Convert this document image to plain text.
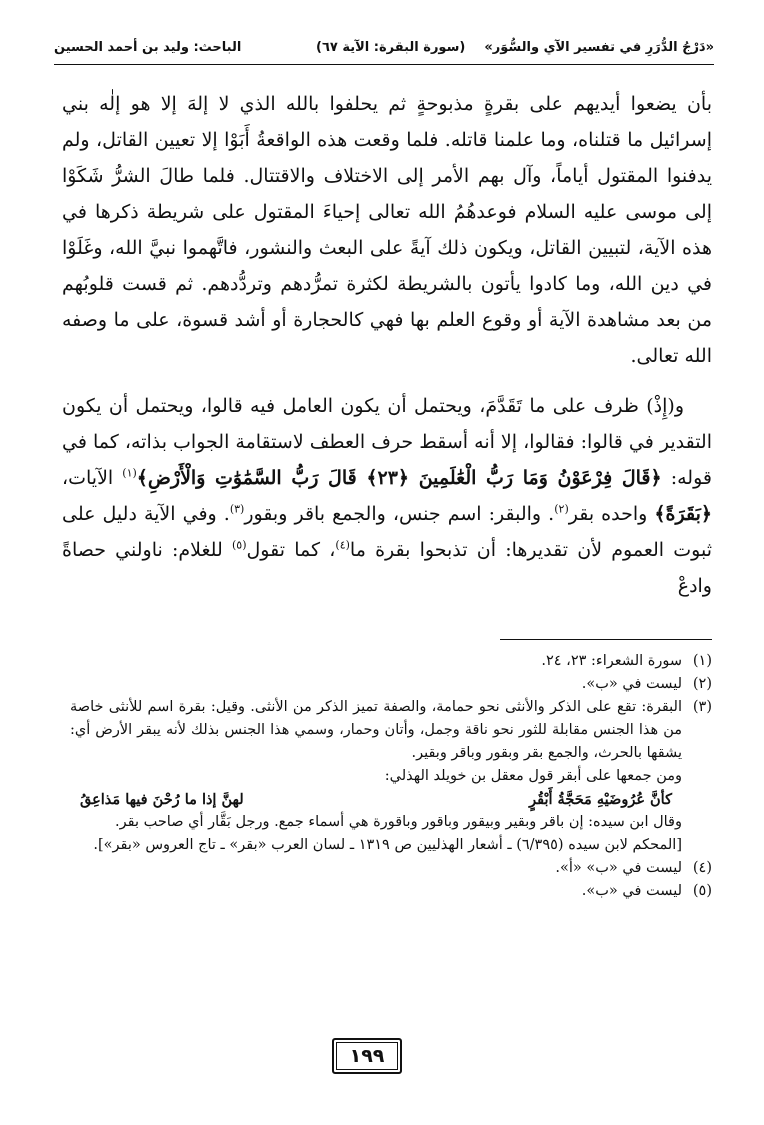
«دَرْجُ الدُّرَرِ في تفسير الآي والسُّوَر»
(سورة البقرة: الآية ٦٧)
الباحث: وليد بن أحمد الحسين

بأن يضعوا أيديهم على بقرةٍ مذبوحةٍ ثم يحلفوا بالله الذي لا إلهَ إلا هو إلٰه بني إسرائيل ما قتلناه، وما علمنا قاتله. فلما وقعت هذه الواقعةُ أَبَوْا إلا تعيين القاتل، ولم يدفنوا المقتول أياماً، وآل بهم الأمر إلى الاختلاف والاقتتال. فلما طالَ الشرُّ شَكَوْا إلى موسى عليه السلام فوعدهُمُ الله تعالى إحياءَ المقتول على شريطة ذكرها في هذه الآية، لتبيين القاتل، ويكون ذلك آيةً على البعث والنشور، فاتَّهموا نبيَّ الله، وغَلَوْا في دين الله، وما كادوا يأتون بالشريطة لكثرة تمرُّدهم وتردُّدهم. ثم قست قلوبُهم من بعد مشاهدة الآية أو وقوع العلم بها فهي كالحجارة أو أشد قسوة، على ما وصفه الله تعالى.

و(إِذْ) ظرف على ما تَقَدَّمَ، ويحتمل أن يكون العامل فيه قالوا، ويحتمل أن يكون التقدير في قالوا: فقالوا، إلا أنه أسقط حرف العطف لاستقامة الجواب بذاته، كما في قوله: ﴿قَالَ فِرْعَوْنُ وَمَا رَبُّ الْعَٰلَمِينَ ﴿٢٣﴾ قَالَ رَبُّ السَّمَٰوَٰتِ وَالْأَرْضِ﴾$^{(١)}$ الآيات، ﴿بَقَرَةً﴾ واحده بقر$^{(٢)}$. والبقر: اسم جنس، والجمع باقر وبقور$^{(٣)}$. وفي الآية دليل على ثبوت العموم لأن تقديرها: أن تذبحوا بقرة ما$^{(٤)}$، كما تقول$^{(٥)}$ للغلام: ناولني حصاةً وادعْ

(١)
سورة الشعراء: ٢٣، ٢٤.
(٢)
ليست في «ب».
(٣)
البقرة: تقع على الذكر والأنثى نحو حمامة، والصفة تميز الذكر من الأنثى. وقيل: بقرة اسم للأنثى خاصة من هذا الجنس مقابلة للثور نحو ناقة وجمل، وأتان وحمار، وسمي هذا الجنس بذلك لأنه يبقر الأرض أي: يشقها بالحرث، والجمع بقر وبقور وباقر وبقير.
ومن جمعها على أبقر قول معقل بن خويلد الهذلي:
كأنَّ عُرُوضَيْهِ مَحَجَّةُ أَبْقُرٍ
لهنَّ إذا ما رُحْنَ فيها مَذاعِقُ
وقال ابن سيده: إن باقر وبقير وبيقور وباقور وباقورة هي أسماء جمع. ورجل بَقَّار أي صاحب بقر.
[المحكم لابن سيده (٦/٣٩٥) ـ أشعار الهذليين ص ١٣١٩ ـ لسان العرب «بقر» ـ تاج العروس «بقر»].
(٤)
ليست في «ب» «أ».
(٥)
ليست في «ب».
١٩٩
